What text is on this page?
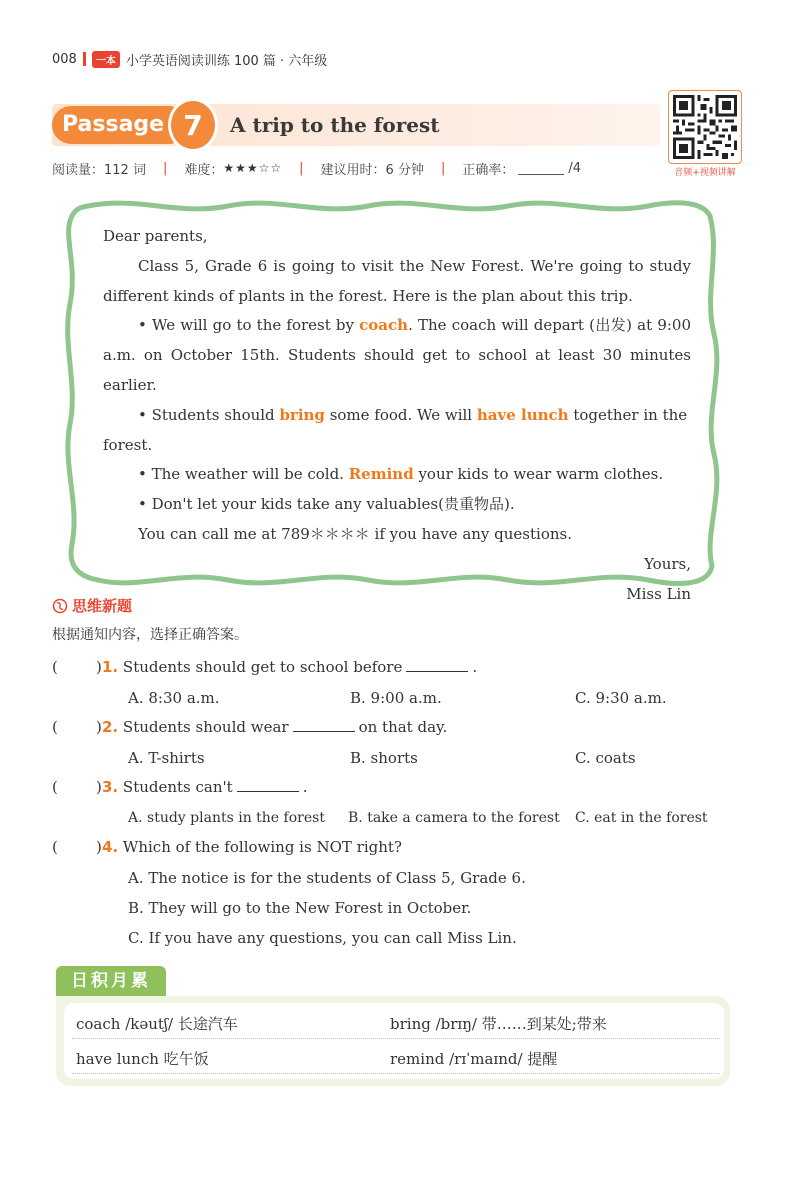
008	一本 小学英语阅读训练 100 篇 · 六年级
Passage 7	A trip to the forest
音频+视频讲解
阅读量：112 词 | 难度： ★★★☆☆ | 建议用时：6 分钟 | 正确率：	/4
Dear parents,
Class 5, Grade 6 is going to visit the New Forest. We're going to study different kinds of plants in the forest. Here is the plan about this trip.
• We will go to the forest by coach. The coach will depart (出发) at 9:00 a.m. on October 15th. Students should get to school at least 30 minutes earlier.
• Students should bring some food. We will have lunch together in the forest.
• The weather will be cold. Remind your kids to wear warm clothes.
• Don't let your kids take any valuables(贵重物品).
You can call me at 789＊＊＊＊ if you have any questions.
Yours,
Miss Lin
思维新题
根据通知内容，选择正确答案。
(	) 1. Students should get to school before	.
A. 8:30 a.m.	B. 9:00 a.m.	C. 9:30 a.m.
(	) 2. Students should wear	on that day.
A. T-shirts	B. shorts	C. coats
(	) 3. Students can't	.
A. study plants in the forest B. take a camera to the forest C. eat in the forest
(	) 4. Which of the following is NOT right?
A. The notice is for the students of Class 5, Grade 6.
B. They will go to the New Forest in October.
C. If you have any questions, you can call Miss Lin.
日积月累
coach /kəutʃ/ 长途汽车	bring /brɪŋ/ 带……到某处;带来
have lunch 吃午饭	remind /rɪˈmaɪnd/ 提醒
